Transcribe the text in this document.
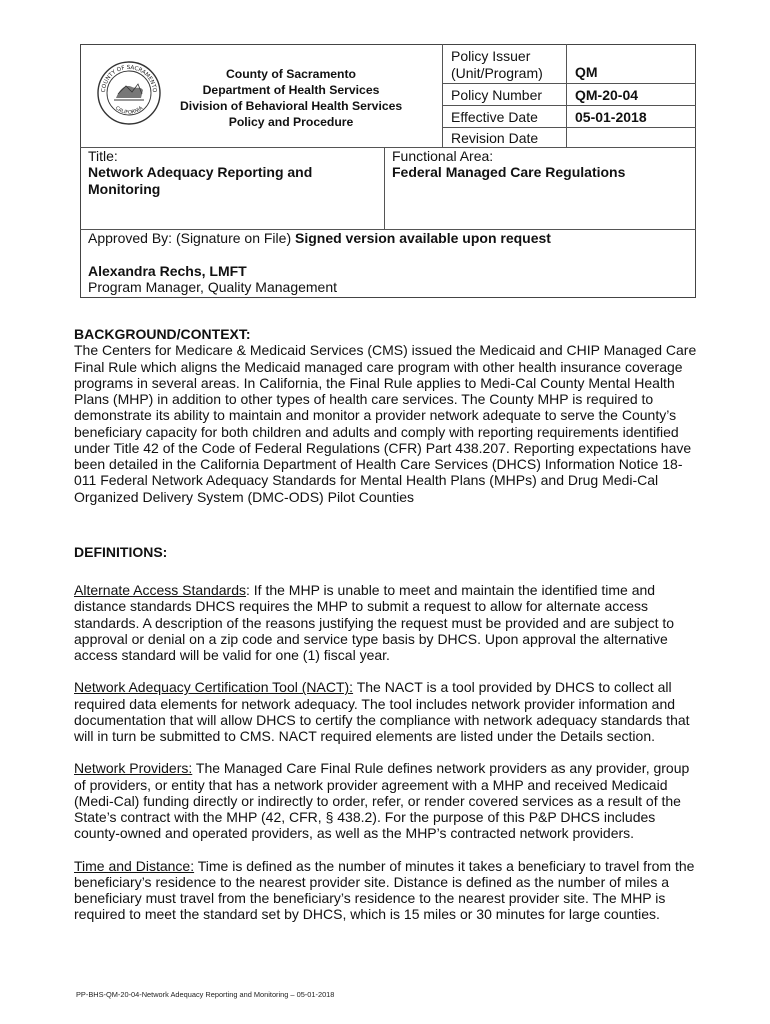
COUNTY OF SACRAMENTO
CALIFORNIA
County of Sacramento
Department of Health Services
Division of Behavioral Health Services
Policy and Procedure
Policy Issuer
(Unit/Program) QM
Policy Number QM-20-04
Effective Date	05-01-2018
Revision Date
Title:
Network Adequacy Reporting and Monitoring
Functional Area:
Federal Managed Care Regulations
Approved By: (Signature on File) Signed version available upon request
Alexandra Rechs, LMFT
Program Manager, Quality Management

BACKGROUND/CONTEXT:

The Centers for Medicare & Medicaid Services (CMS) issued the Medicaid and CHIP Managed Care

Final Rule which aligns the Medicaid managed care program with other health insurance coverage

programs in several areas. In California, the Final Rule applies to Medi-Cal County Mental Health

Plans (MHP) in addition to other types of health care services. The County MHP is required to

demonstrate its ability to maintain and monitor a provider network adequate to serve the County’s

beneficiary capacity for both children and adults and comply with reporting requirements identified

under Title 42 of the Code of Federal Regulations (CFR) Part 438.207. Reporting expectations have

been detailed in the California Department of Health Care Services (DHCS) Information Notice 18-

011 Federal Network Adequacy Standards for Mental Health Plans (MHPs) and Drug Medi-Cal

Organized Delivery System (DMC-ODS) Pilot Counties

DEFINITIONS:

Alternate Access Standards: If the MHP is unable to meet and maintain the identified time and

distance standards DHCS requires the MHP to submit a request to allow for alternate access

standards. A description of the reasons justifying the request must be provided and are subject to

approval or denial on a zip code and service type basis by DHCS. Upon approval the alternative

access standard will be valid for one (1) fiscal year.

Network Adequacy Certification Tool (NACT): The NACT is a tool provided by DHCS to collect all

required data elements for network adequacy. The tool includes network provider information and

documentation that will allow DHCS to certify the compliance with network adequacy standards that

will in turn be submitted to CMS. NACT required elements are listed under the Details section.

Network Providers: The Managed Care Final Rule defines network providers as any provider, group

of providers, or entity that has a network provider agreement with a MHP and received Medicaid

(Medi-Cal) funding directly or indirectly to order, refer, or render covered services as a result of the

State’s contract with the MHP (42, CFR, § 438.2). For the purpose of this P&P DHCS includes

county-owned and operated providers, as well as the MHP’s contracted network providers.

Time and Distance: Time is defined as the number of minutes it takes a beneficiary to travel from the

beneficiary’s residence to the nearest provider site. Distance is defined as the number of miles a

beneficiary must travel from the beneficiary’s residence to the nearest provider site. The MHP is

required to meet the standard set by DHCS, which is 15 miles or 30 minutes for large counties.

PP-BHS-QM-20-04-Network Adequacy Reporting and Monitoring – 05-01-2018
